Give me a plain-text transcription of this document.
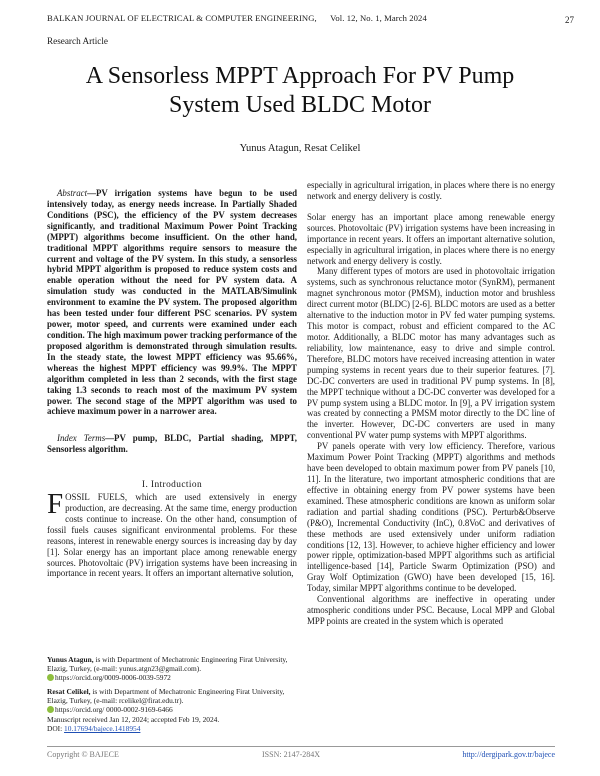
BALKAN JOURNAL OF ELECTRICAL & COMPUTER ENGINEERING, Vol. 12, No. 1, March 2024	27
Research Article
A Sensorless MPPT Approach For PV Pump
System Used BLDC Motor
Yunus Atagun, Resat Celikel

Abstract—PV irrigation systems have begun to be used intensively today, as energy needs increase. In Partially Shaded Conditions (PSC), the efficiency of the PV system decreases significantly, and traditional Maximum Power Point Tracking (MPPT) algorithms become insufficient. On the other hand, traditional MPPT algorithms require sensors to measure the current and voltage of the PV system. In this study, a sensorless hybrid MPPT algorithm is proposed to reduce system costs and enable operation without the need for PV system data. A simulation study was conducted in the MATLAB/Simulink environment to examine the PV system. The proposed algorithm has been tested under four different PSC scenarios. PV system power, motor speed, and currents were examined under each condition. The high maximum power tracking performance of the proposed algorithm is demonstrated through simulation results. In the steady state, the lowest MPPT efficiency was 95.66%, whereas the highest MPPT efficiency was 99.9%. The MPPT algorithm completed in less than 2 seconds, with the first stage taking 1.3 seconds to reach most of the maximum PV system power. The second stage of the MPPT algorithm was used to achieve maximum power in a narrower area.

Index Terms—PV pump, BLDC, Partial shading, MPPT, Sensorless algorithm.

I. Introduction

FOSSIL FUELS, which are used extensively in energy production, are decreasing. At the same time, energy production costs continue to increase. On the other hand, consumption of fossil fuels causes significant environmental problems. For these reasons, interest in renewable energy sources is increasing day by day [1]. Solar energy has an important place among renewable energy sources. Photovoltaic (PV) irrigation systems have been increasing in importance in recent years. It offers an important alternative solution,

Yunus Atagun, is with Department of Mechatronic Engineering Firat University, Elazig, Turkey, (e-mail: yunus.atgn23@gmail.com).

https://orcid.org/0009-0006-0039-5972

Resat Celikel, is with Department of Mechatronic Engineering Firat University, Elazig, Turkey, (e-mail: rcelikel@firat.edu.tr).

https://orcid.org/ 0000-0002-9169-6466

Manuscript received Jan 12, 2024; accepted Feb 19, 2024.
DOI: 10.17694/bajece.1418954

especially in agricultural irrigation, in places where there is no energy network and energy delivery is costly.

Solar energy has an important place among renewable energy sources. Photovoltaic (PV) irrigation systems have been increasing in importance in recent years. It offers an important alternative solution, especially in agricultural irrigation, in places where there is no energy network and energy delivery is costly.

Many different types of motors are used in photovoltaic irrigation systems, such as synchronous reluctance motor (SynRM), permanent magnet synchronous motor (PMSM), induction motor and brushless direct current motor (BLDC) [2-6]. BLDC motors are used as a better alternative to the induction motor in PV fed water pumping systems. This motor is compact, robust and efficient compared to the AC motor. Additionally, a BLDC motor has many advantages such as reliability, low maintenance, easy to drive and simple control. Therefore, BLDC motors have received increasing attention in water pumping systems in recent years due to their superior features. [7]. DC-DC converters are used in traditional PV pump systems. In [8], the MPPT technique without a DC-DC converter was developed for a PV pump system using a BLDC motor. In [9], a PV irrigation system was created by connecting a PMSM motor directly to the DC line of the inverter. However, DC-DC converters are used in many conventional PV water pump systems with MPPT algorithms.

PV panels operate with very low efficiency. Therefore, various Maximum Power Point Tracking (MPPT) algorithms and methods have been developed to obtain maximum power from PV panels [10, 11]. In the literature, two important atmospheric conditions that are effective in obtaining energy from PV power systems have been examined. These atmospheric conditions are known as uniform solar radiation and partial shading conditions (PSC). Perturb&Observe (P&O), Incremental Conductivity (InC), 0.8VoC and derivatives of these methods are used extensively under uniform radiation conditions [12, 13]. However, to achieve higher efficiency and lower power ripple, optimization-based MPPT algorithms such as artificial intelligence-based [14], Particle Swarm Optimization (PSO) and Gray Wolf Optimization (GWO) have been developed [15, 16]. Today, similar MPPT algorithms continue to be developed.

Conventional algorithms are ineffective in operating under atmospheric conditions under PSC. Because, Local MPP and Global MPP points are created in the system which is operated

Copyright © BAJECE	ISSN: 2147-284X	http://dergipark.gov.tr/bajece
